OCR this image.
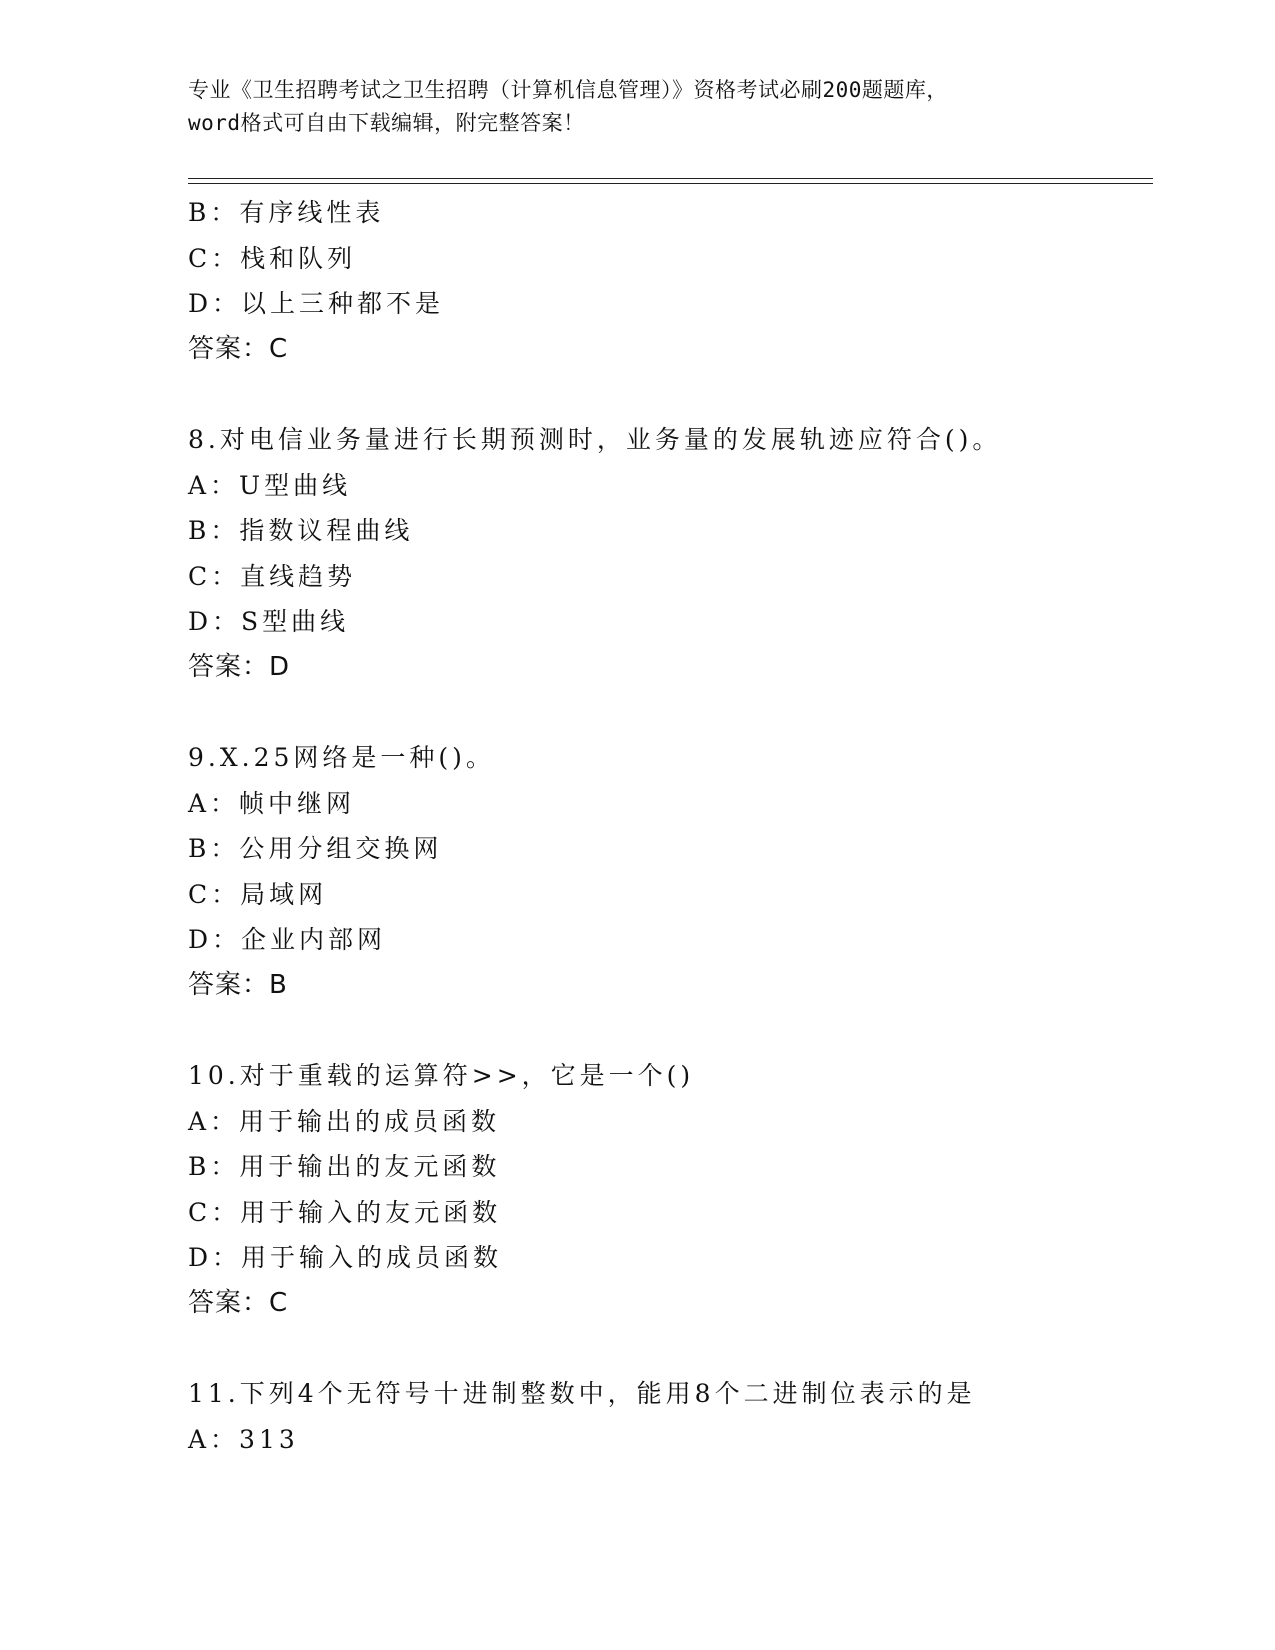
专业《卫生招聘考试之卫生招聘（计算机信息管理）》资格考试必刷200题题库，
word格式可自由下载编辑，附完整答案！
B：有序线性表
C：栈和队列
D：以上三种都不是
答案：C
8.对电信业务量进行长期预测时，业务量的发展轨迹应符合()。
A：U型曲线
B：指数议程曲线
C：直线趋势
D：S型曲线
答案：D
9.X.25网络是一种()。
A：帧中继网
B：公用分组交换网
C：局域网
D：企业内部网
答案：B
10.对于重载的运算符>>，它是一个()
A：用于输出的成员函数
B：用于输出的友元函数
C：用于输入的友元函数
D：用于输入的成员函数
答案：C
11.下列4个无符号十进制整数中，能用8个二进制位表示的是
A：313
